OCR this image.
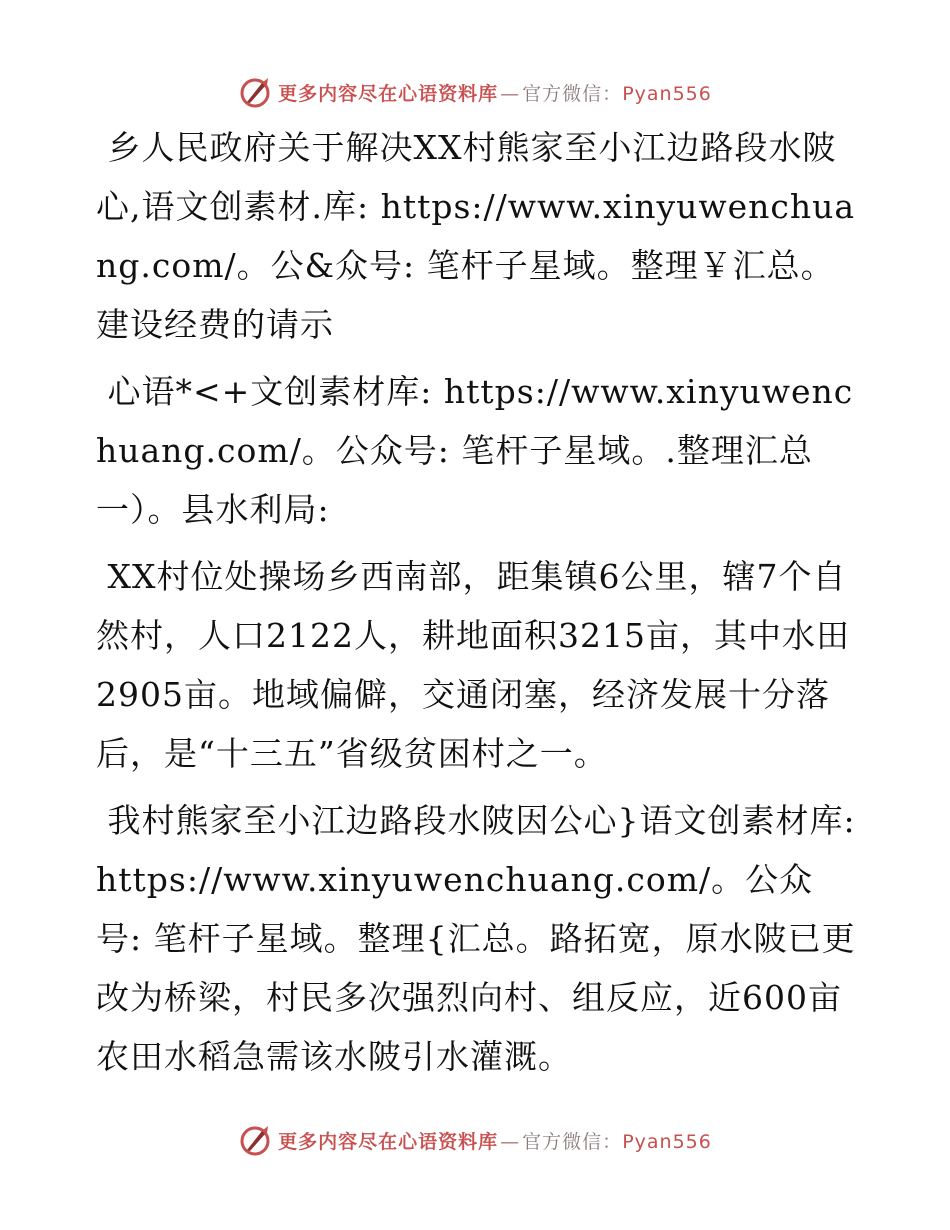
更多内容尽在心语资料库 — 官方微信：Pyan556

乡人民政府关于解决XX村熊家至小江边路段水陂心,语文创素材.库: https://www.xinyuwenchuang.com/。公&众号: 笔杆子星域。整理￥汇总。建设经费的请示

心语*<+文创素材库: https://www.xinyuwenchuang.com/。公众号: 笔杆子星域。.整理汇总一）。县水利局:

XX村位处操场乡西南部，距集镇6公里，辖7个自然村，人口2122人，耕地面积3215亩，其中水田2905亩。地域偏僻，交通闭塞，经济发展十分落后，是“十三五”省级贫困村之一。

我村熊家至小江边路段水陂因公心}语文创素材库: https://www.xinyuwenchuang.com/。公众号: 笔杆子星域。整理{汇总。路拓宽，原水陂已更改为桥梁，村民多次强烈向村、组反应，近600亩农田水稻急需该水陂引水灌溉。

更多内容尽在心语资料库 — 官方微信：Pyan556
